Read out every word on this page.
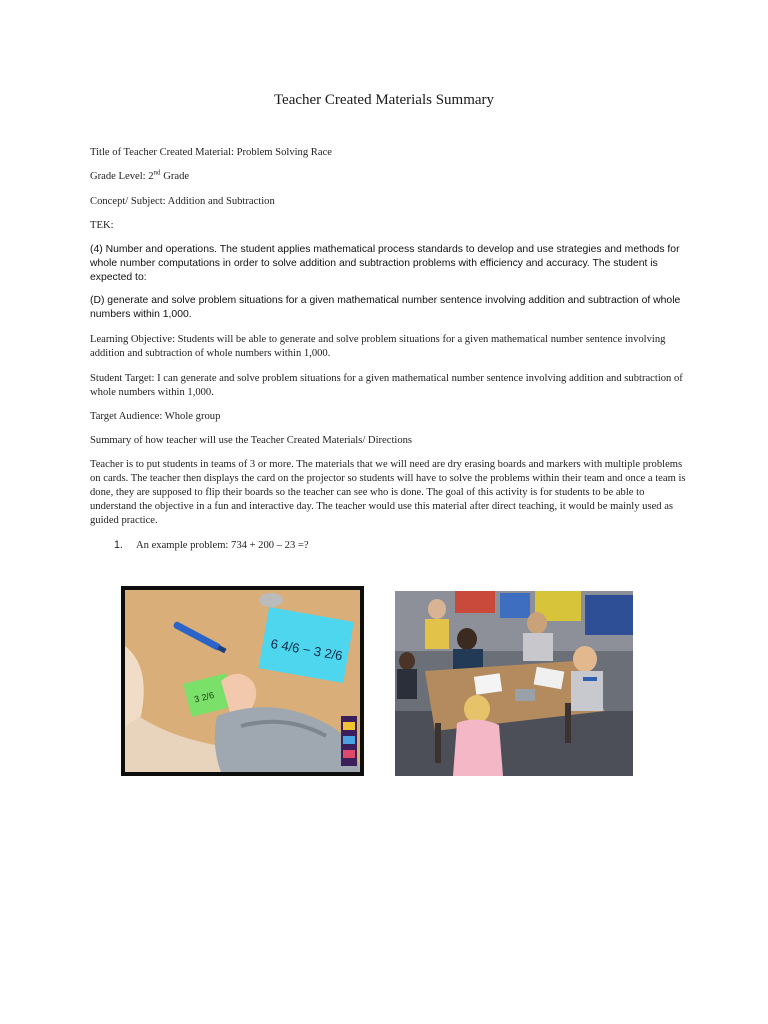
Teacher Created Materials Summary
Title of Teacher Created Material: Problem Solving Race
Grade Level: 2nd Grade
Concept/ Subject: Addition and Subtraction
TEK:
(4) Number and operations. The student applies mathematical process standards to develop and use strategies and methods for whole number computations in order to solve addition and subtraction problems with efficiency and accuracy. The student is expected to:
(D) generate and solve problem situations for a given mathematical number sentence involving addition and subtraction of whole numbers within 1,000.
Learning Objective: Students will be able to generate and solve problem situations for a given mathematical number sentence involving addition and subtraction of whole numbers within 1,000.
Student Target: I can generate and solve problem situations for a given mathematical number sentence involving addition and subtraction of whole numbers within 1,000.
Target Audience: Whole group
Summary of how teacher will use the Teacher Created Materials/ Directions
Teacher is to put students in teams of 3 or more. The materials that we will need are dry erasing boards and markers with multiple problems on cards. The teacher then displays the card on the projector so students will have to solve the problems within their team and once a team is done, they are supposed to flip their boards so the teacher can see who is done. The goal of this activity is for students to be able to understand the objective in a fun and interactive day. The teacher would use this material after direct teaching, it would be mainly used as guided practice.
1. An example problem: 734 + 200 – 23 =?
6 4/6 − 3 2/6
3 2/6
